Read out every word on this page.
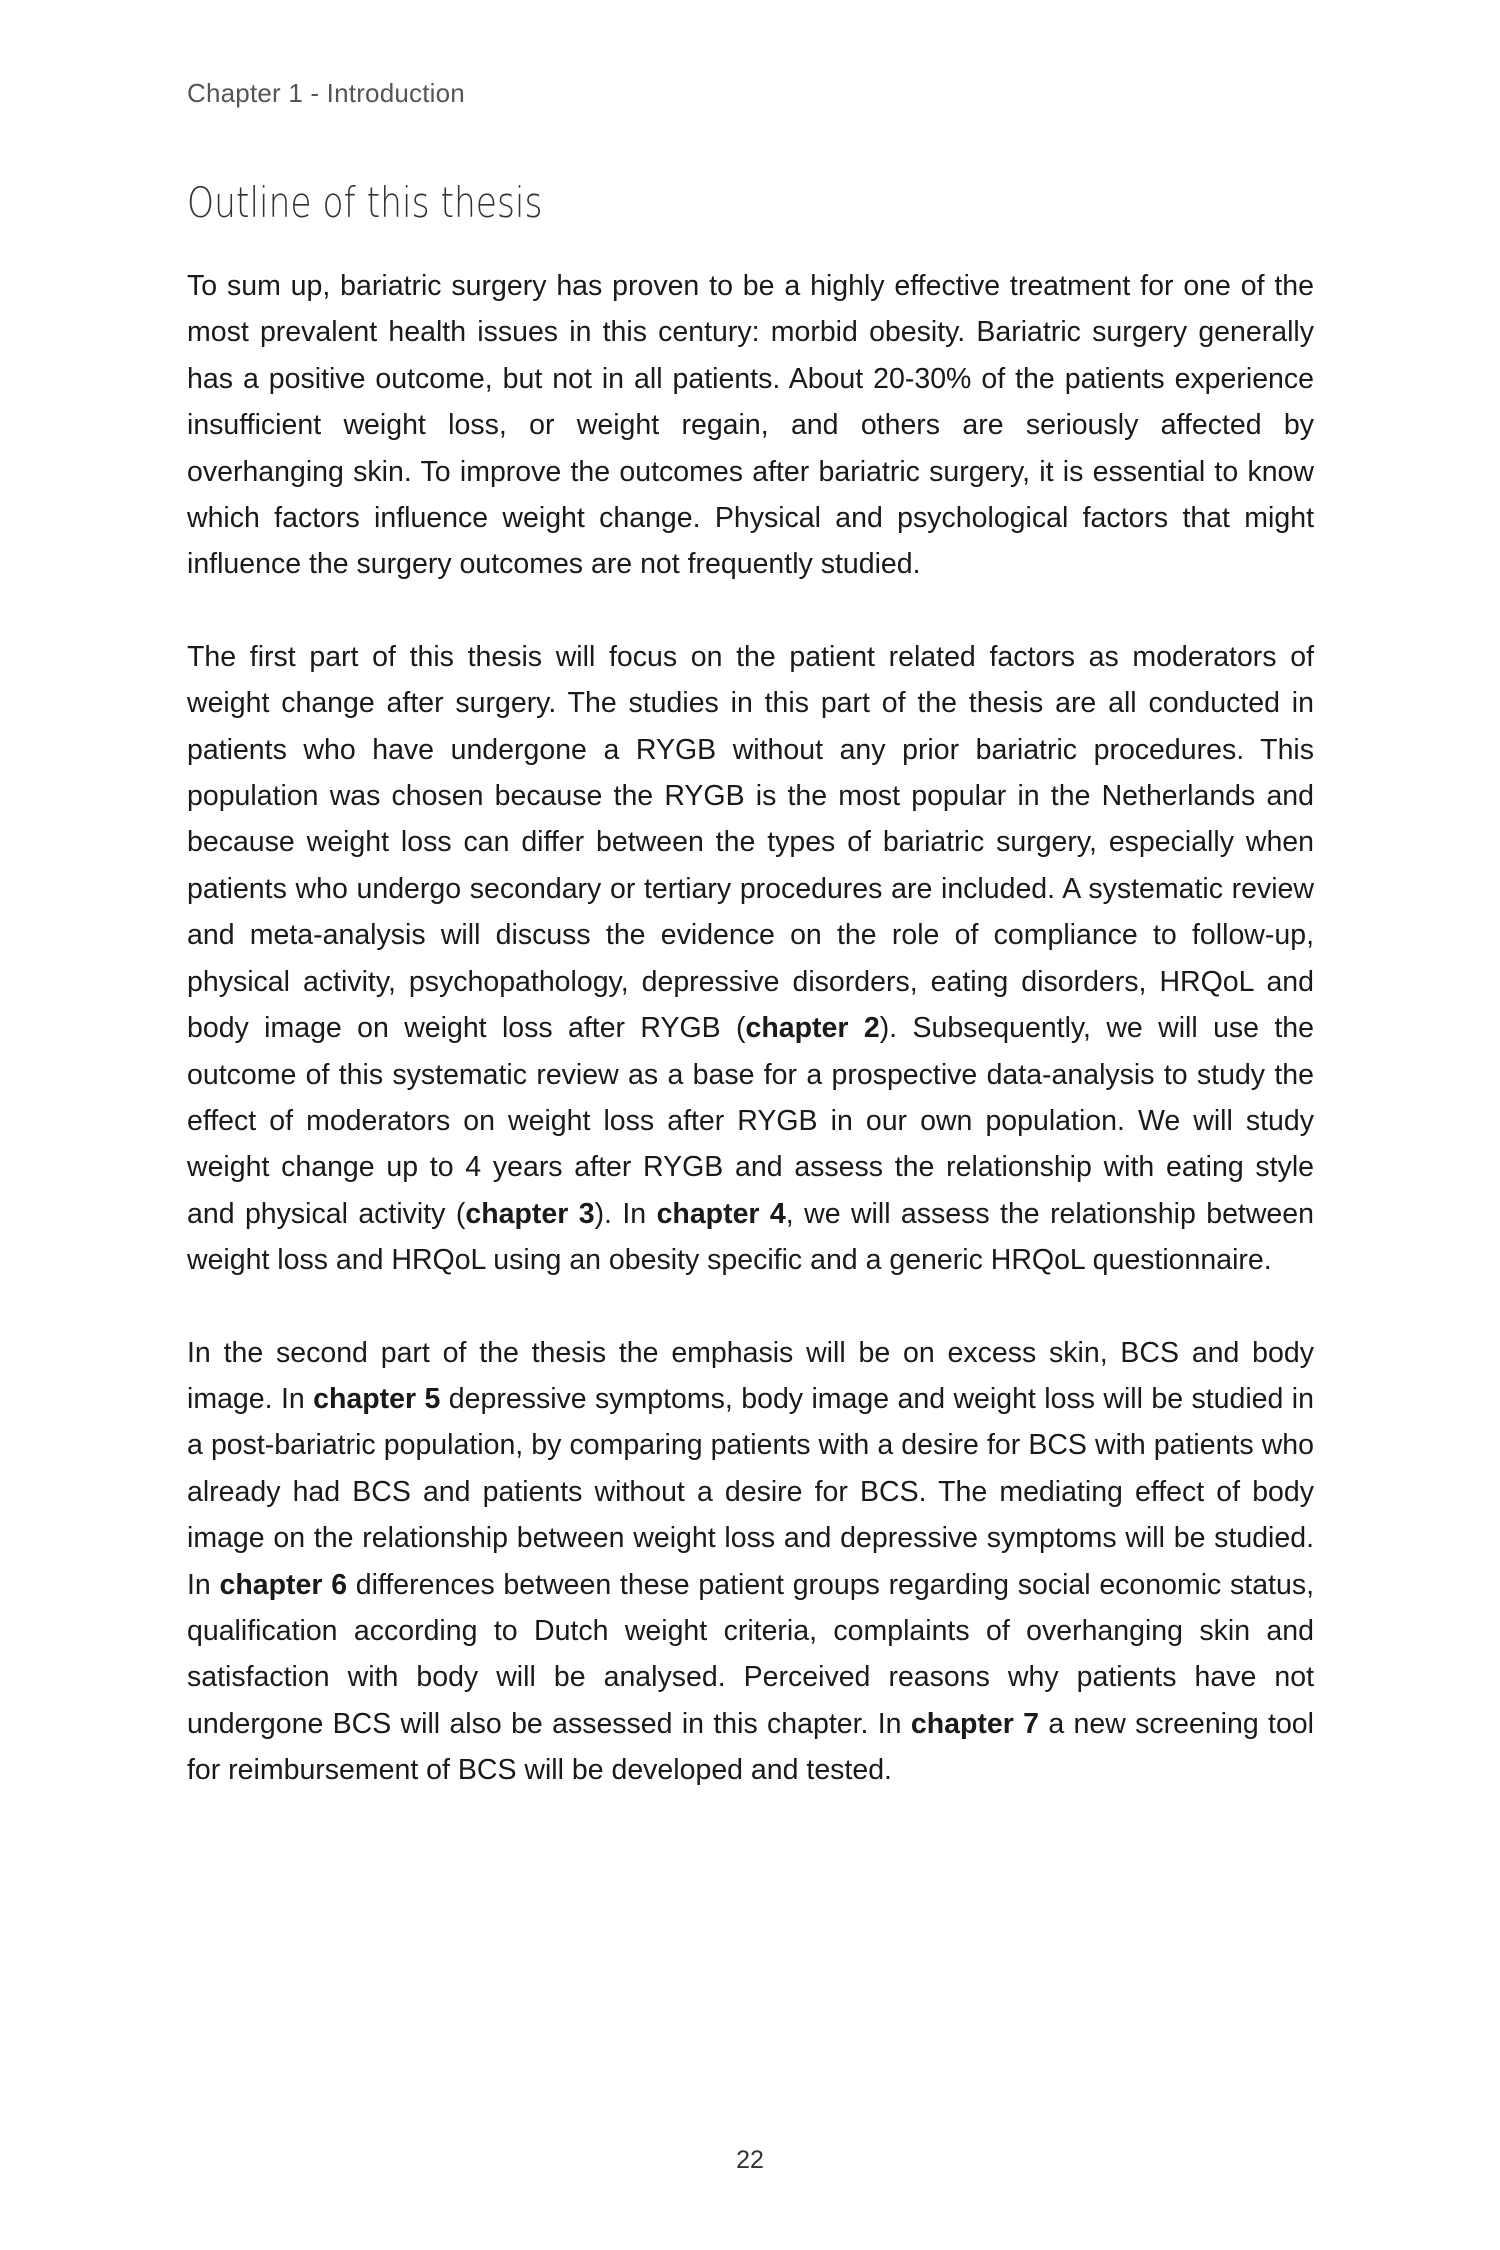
Chapter 1 - Introduction
Outline of this thesis

To sum up, bariatric surgery has proven to be a highly effective treatment for one of the most prevalent health issues in this century: morbid obesity. Bariatric surgery generally has a positive outcome, but not in all patients. About 20-30% of the patients experience insufficient weight loss, or weight regain, and others are seriously affected by overhanging skin. To improve the outcomes after bariatric surgery, it is essential to know which factors influence weight change. Physical and psychological factors that might influence the surgery outcomes are not frequently studied.

The first part of this thesis will focus on the patient related factors as moderators of weight change after surgery. The studies in this part of the thesis are all conducted in patients who have undergone a RYGB without any prior bariatric procedures. This population was chosen because the RYGB is the most popular in the Netherlands and because weight loss can differ between the types of bariatric surgery, especially when patients who undergo secondary or tertiary procedures are included. A systematic review and meta-analysis will discuss the evidence on the role of compliance to follow-up, physical activity, psychopathology, depressive disorders, eating disorders, HRQoL and body image on weight loss after RYGB (chapter 2). Subsequently, we will use the outcome of this systematic review as a base for a prospective data-analysis to study the effect of moderators on weight loss after RYGB in our own population. We will study weight change up to 4 years after RYGB and assess the relationship with eating style and physical activity (chapter 3). In chapter 4, we will assess the relationship between weight loss and HRQoL using an obesity specific and a generic HRQoL questionnaire.

In the second part of the thesis the emphasis will be on excess skin, BCS and body image. In chapter 5 depressive symptoms, body image and weight loss will be studied in a post-bariatric population, by comparing patients with a desire for BCS with patients who already had BCS and patients without a desire for BCS. The mediating effect of body image on the relationship between weight loss and depressive symptoms will be studied. In chapter 6 differences between these patient groups regarding social economic status, qualification according to Dutch weight criteria, complaints of overhanging skin and satisfaction with body will be analysed. Perceived reasons why patients have not undergone BCS will also be assessed in this chapter. In chapter 7 a new screening tool for reimbursement of BCS will be developed and tested.

22
